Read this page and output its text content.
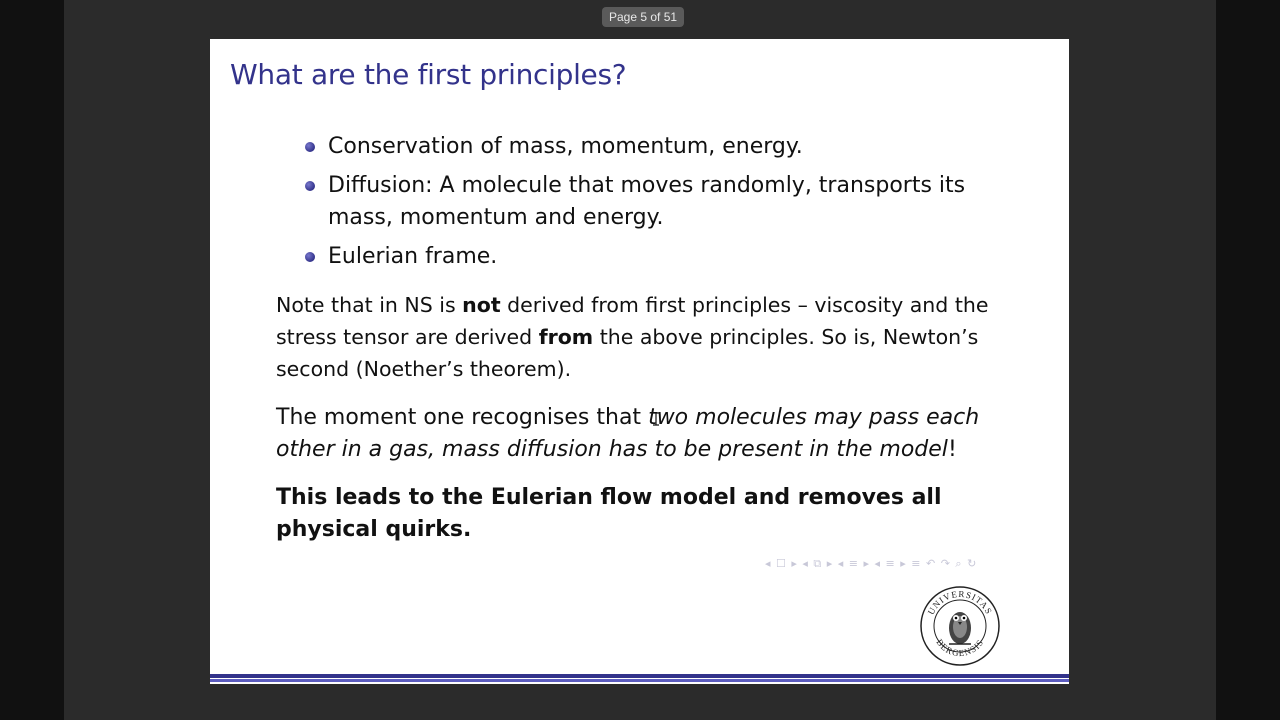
Page 5 of 51
What are the first principles?
Conservation of mass, momentum, energy.
Diffusion: A molecule that moves randomly, transports its mass, momentum and energy.
Eulerian frame.

Note that in NS is not derived from first principles – viscosity and the stress tensor are derived from the above principles. So is, Newton’s second (Noether’s theorem).

The moment one recognises that two molecules may pass each other in a gas, mass diffusion has to be present in the model!

This leads to the Eulerian flow model and removes all physical quirks.

◂ ☐ ▸ ◂ ⧉ ▸ ◂ ≡ ▸ ◂ ≡ ▸ ≡ ↶ ↷ ⌕ ↻
UNIVERSITAS
BERGENSIS
